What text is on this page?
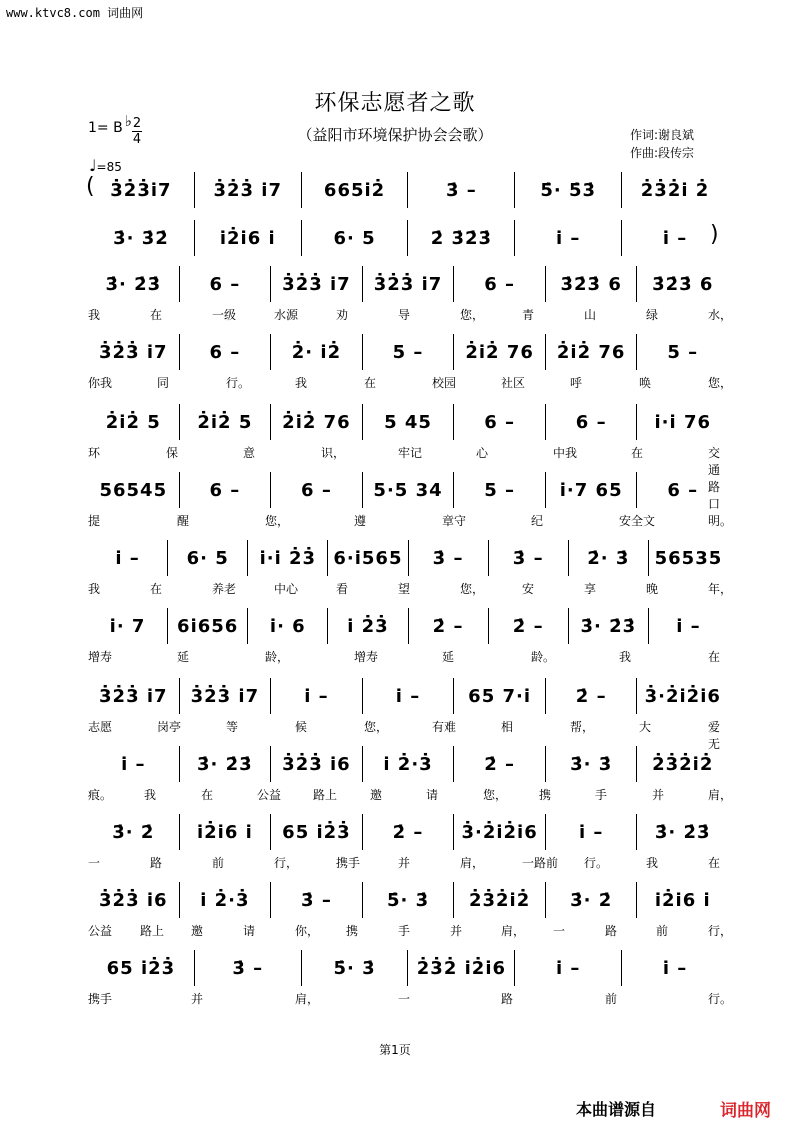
www.ktvc8.com 词曲网
环保志愿者之歌
（益阳市环境保护协会会歌）	作词:谢良斌
作曲:段传宗
1= B ♭ 2
4
♩=85
3̇2̇3̇i̇7	3̇2̇3̇ i̇7	665i̇2̇	3̇ –	5̇· 5̇3̇	2̇3̇2̇i̇ 2̇
(
3̇· 3̇2̇	i̇2̇i̇6 i̇	6· 5	2̇ 3̇2̇3̇	i̇ –	i̇ –	)
3̇· 2̇3̇	6 –	3̇2̇3̇ i̇7	3̇2̇3̇ i̇7	6 –	3̇2̇3̇ 6	3̇2̇3̇ 6
我	在	一级	水源	劝	导	您，	青	山	绿	水，
3̇2̇3̇ i̇7	6 –	2̇· i̇2̇	5 –	2̇i̇2̇ 76	2̇i̇2̇ 76	5 –
你我	同	行。	我	在	校园	社区	呼	唤	您，
2̇i̇2̇ 5	2̇i̇2̇ 5	2̇i̇2̇ 76	5 45	6 –	6 –	i̇·i̇ 76
环	保	意	识，	牢记	心	中我	在	交通路口
56545	6 –	6 –	5·5 34	5 –	i̇·7 65	6 –
提	醒	您，	遵	章守	纪	安全文	明。
i̇ –	6· 5	i̇·i̇ 2̇3̇ 6·i̇565	3̇ –	3̇ –	2̇· 3̇	56535
我	在	养老	中心	看	望	您，	安	享	晚	年，
i̇· 7	6i̇656	i̇· 6	i̇ 2̇3̇	2̇ –	2̇ –	3̇· 2̇3̇	i̇ –
增寿	延	龄，	增寿	延	龄。	我	在
3̇2̇3̇ i̇7	3̇2̇3̇ i̇7	i̇ –	i̇ –	65 7·i̇	2̇ –	3̇·2̇i̇2̇i̇6
志愿	岗亭	等	候	您，	有难	相	帮，	大	爱无
i̇ –	3̇· 2̇3̇	3̇2̇3̇ i̇6	i̇ 2̇·3̇	2̇ –	3̇· 3̇	2̇3̇2̇i̇2̇
痕。	我	在	公益	路上	邀	请	您，	携	手	并	肩，
3̇· 2̇	i̇2̇i̇6 i̇	65 i̇2̇3̇	2̇ –	3̇·2̇i̇2̇i̇6	i̇ –	3̇· 2̇3̇
一	路	前	行，	携手	并	肩，	一路前 行。	我	在
3̇2̇3̇ i̇6	i̇ 2̇·3̇	3̇ –	5̇· 3̇	2̇3̇2̇i̇2̇	3̇· 2̇	i̇2̇i̇6 i̇
公益 路上 邀	请	你， 携	手	并	肩， 一	路	前	行，
65 i̇2̇3̇	3̇ –	5̇· 3̇	2̇3̇2̇ i̇2̇i̇6	i̇ –	i̇ –
携手	并	肩，	一	路	前	行。
第1页
本曲谱源自	词曲网
